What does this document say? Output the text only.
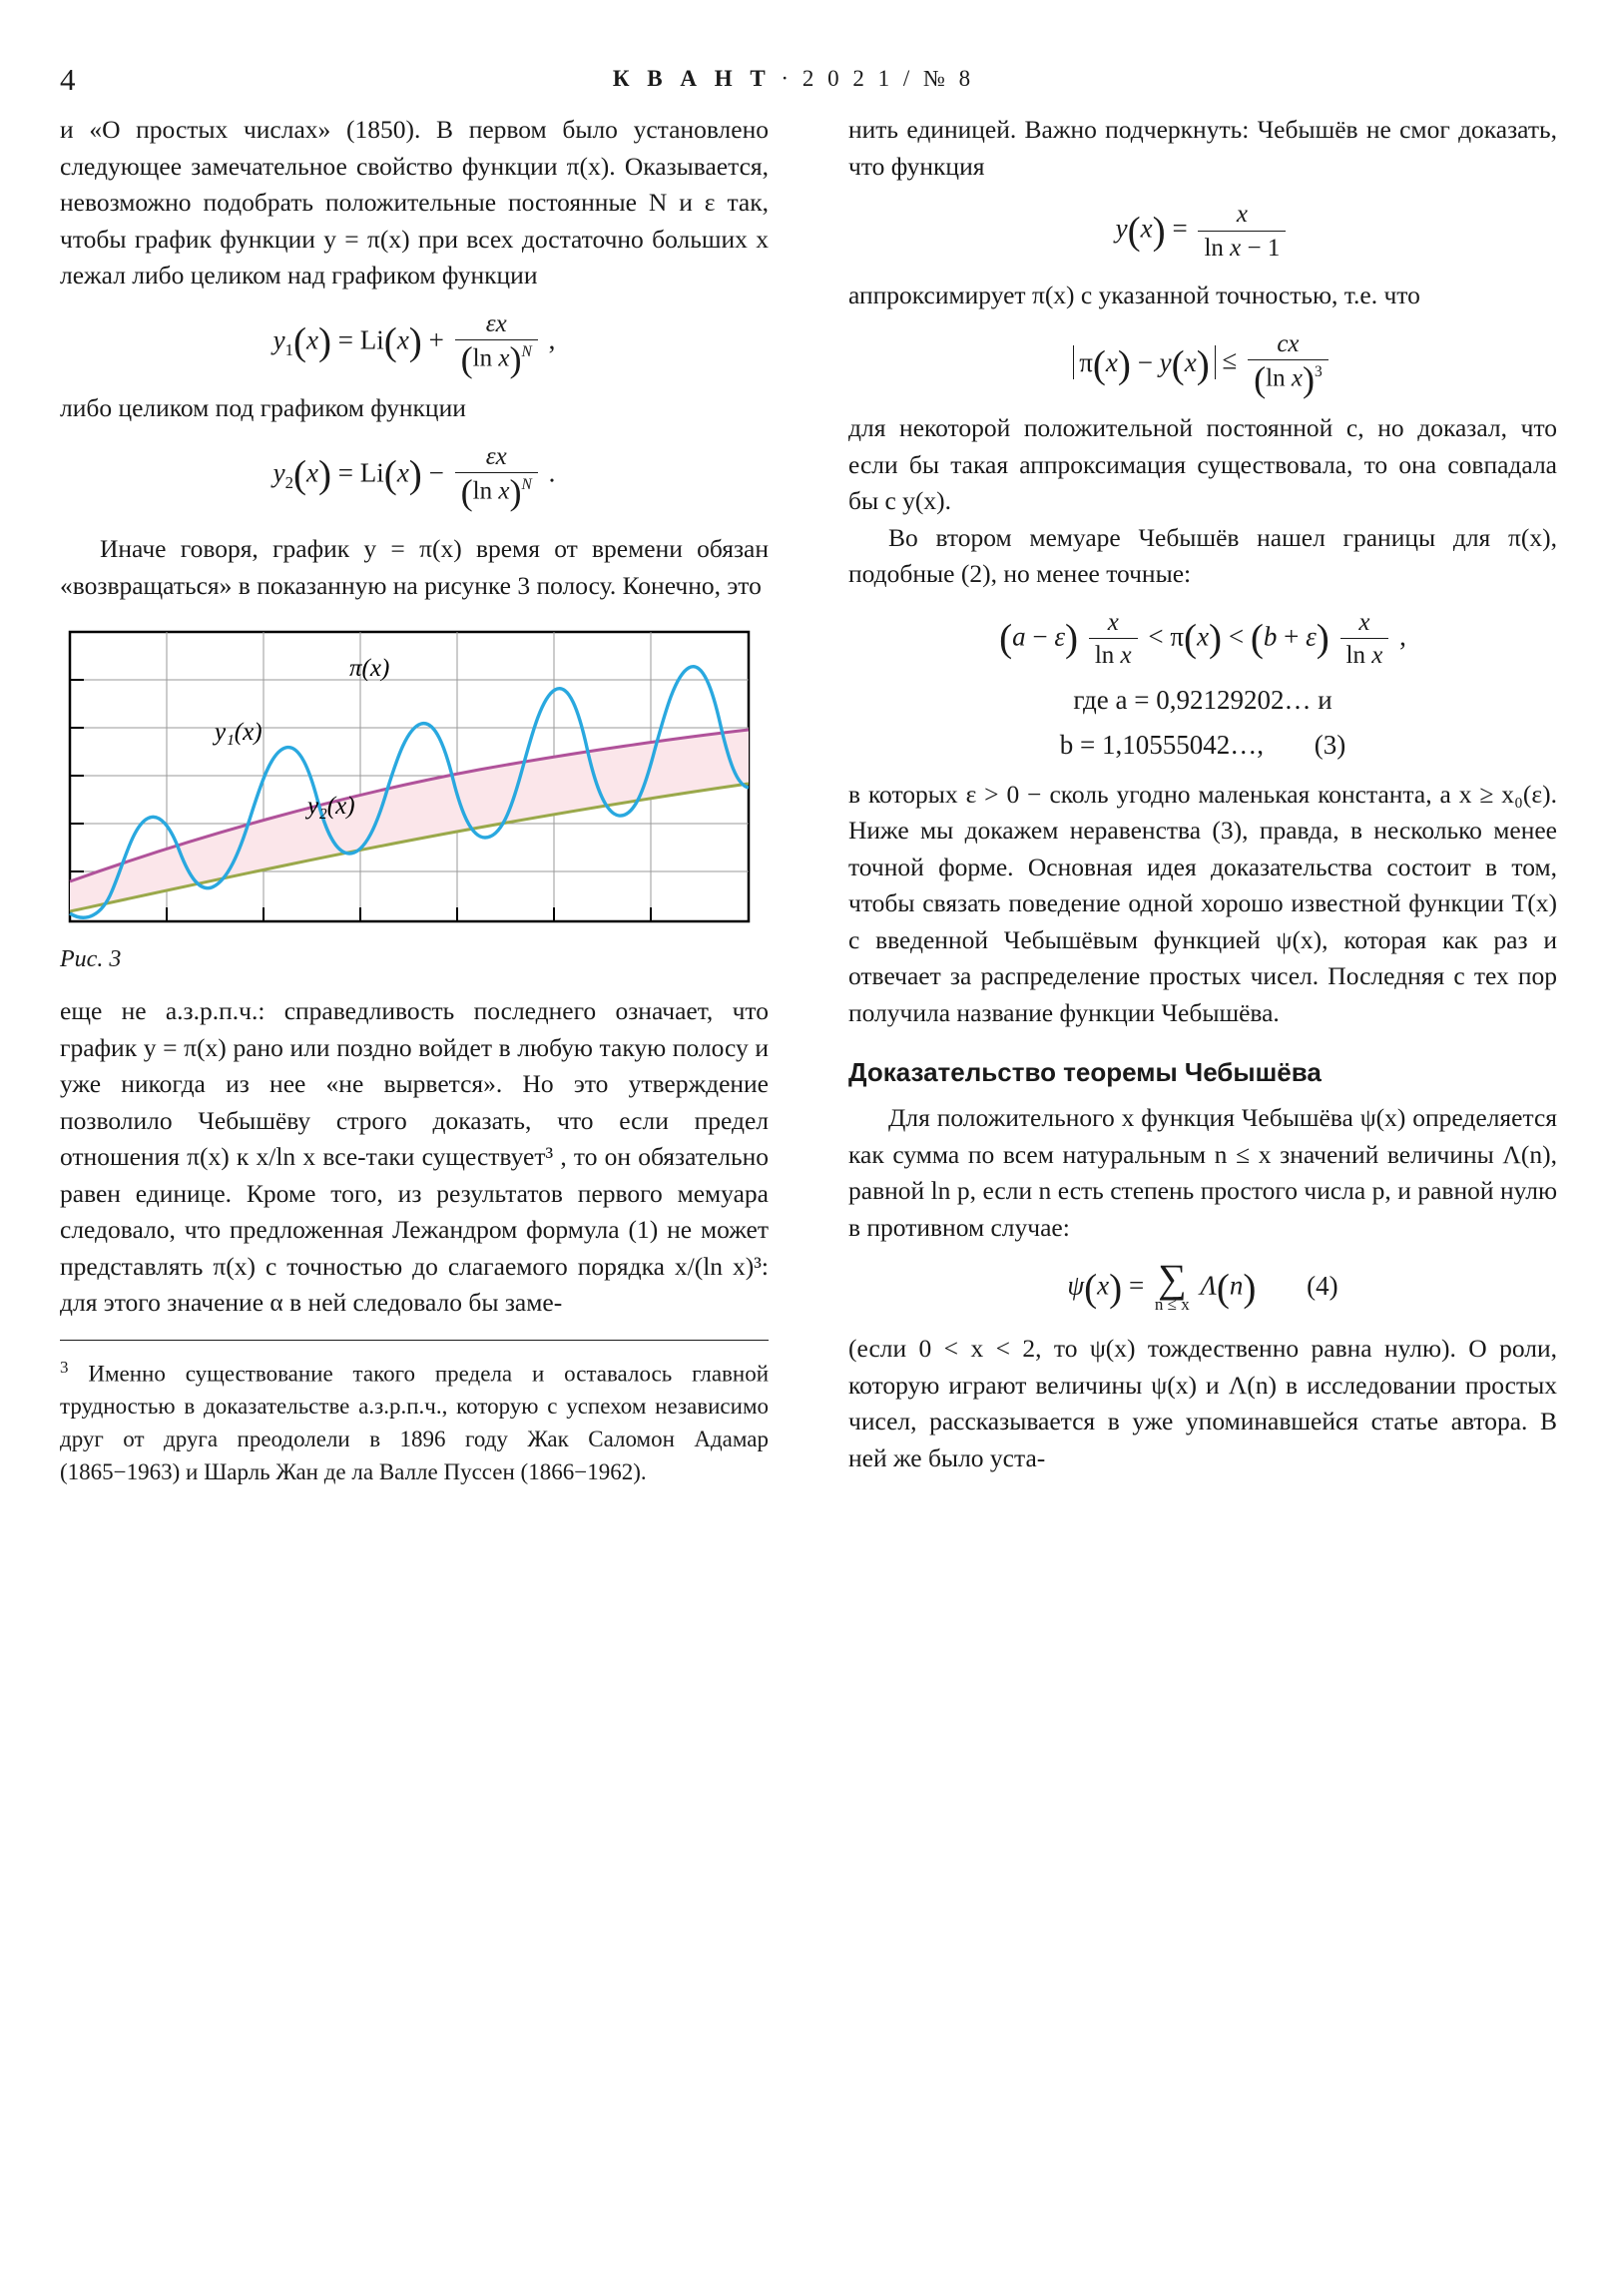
4	К В А Н Т · 2 0 2 1 / № 8

и «О простых числах» (1850). В первом было установлено следующее замечательное свойство функции π(x). Оказывается, невозможно подобрать положительные постоянные N и ε так, чтобы график функции y = π(x) при всех достаточно больших x лежал либо целиком над графиком функции

$y_1(x) = Li(x) + \frac{\varepsilon x}{(\ln x)^N}$ ,

либо целиком под графиком функции

$y_2(x) = Li(x) - \frac{\varepsilon x}{(\ln x)^N}$ .

Иначе говоря, график y = π(x) время от времени обязан «возвращаться» в показанную на рисунке 3 полосу. Конечно, это

π(x)
y₁(x)
y₂(x)
Рис. 3

еще не а.з.р.п.ч.: справедливость последнего означает, что график y = π(x) рано или поздно войдет в любую такую полосу и уже никогда из нее «не вырвется». Но это утверждение позволило Чебышёву строго доказать, что если предел отношения π(x) к x/ln x все-таки существует³ , то он обязательно равен единице. Кроме того, из результатов первого мемуара следовало, что предложенная Лежандром формула (1) не может представлять π(x) с точностью до слагаемого порядка x/(ln x)³: для этого значение α в ней следовало бы заме-

$^3$ Именно существование такого предела и оставалось главной трудностью в доказательстве а.з.р.п.ч., которую с успехом независимо друг от друга преодолели в 1896 году Жак Саломон Адамар (1865−1963) и Шарль Жан де ла Валле Пуссен (1866−1962).

нить единицей. Важно подчеркнуть: Чебышёв не смог доказать, что функция

$y(x) = \frac{x}{\text{ln x − 1}}$

аппроксимирует π(x) с указанной точностью, т.е. что

$\pi(x) - y(x) \le \frac{cx}{(\ln x)^3}$

для некоторой положительной постоянной c, но доказал, что если бы такая аппроксимация существовала, то она совпадала бы с y(x).

Во втором мемуаре Чебышёв нашел границы для π(x), подобные (2), но менее точные:

$(a - \varepsilon) \frac{x}{\text{ln x}} < \pi(x) < (b + \varepsilon) \frac{x}{\text{ln x}}$ ,
где a = 0,92129202… и
b = 1,10555042…, (3)

в которых ε > 0 − сколь угодно маленькая константа, а x ≥ x₀(ε). Ниже мы докажем неравенства (3), правда, в несколько менее точной форме. Основная идея доказательства состоит в том, чтобы связать поведение одной хорошо известной функции T(x) с введенной Чебышёвым функцией ψ(x), которая как раз и отвечает за распределение простых чисел. Последняя с тех пор получила название функции Чебышёва.

Доказательство теоремы Чебышёва

Для положительного x функция Чебышёва ψ(x) определяется как сумма по всем натуральным n ≤ x значений величины Λ(n), равной ln p, если n есть степень простого числа p, и равной нулю в противном случае:

ψ(x) = ∑
n ≤ x
Λ(n) (4)

(если 0 < x < 2, то ψ(x) тождественно равна нулю). О роли, которую играют величины ψ(x) и Λ(n) в исследовании простых чисел, рассказывается в уже упоминавшейся статье автора. В ней же было уста-
